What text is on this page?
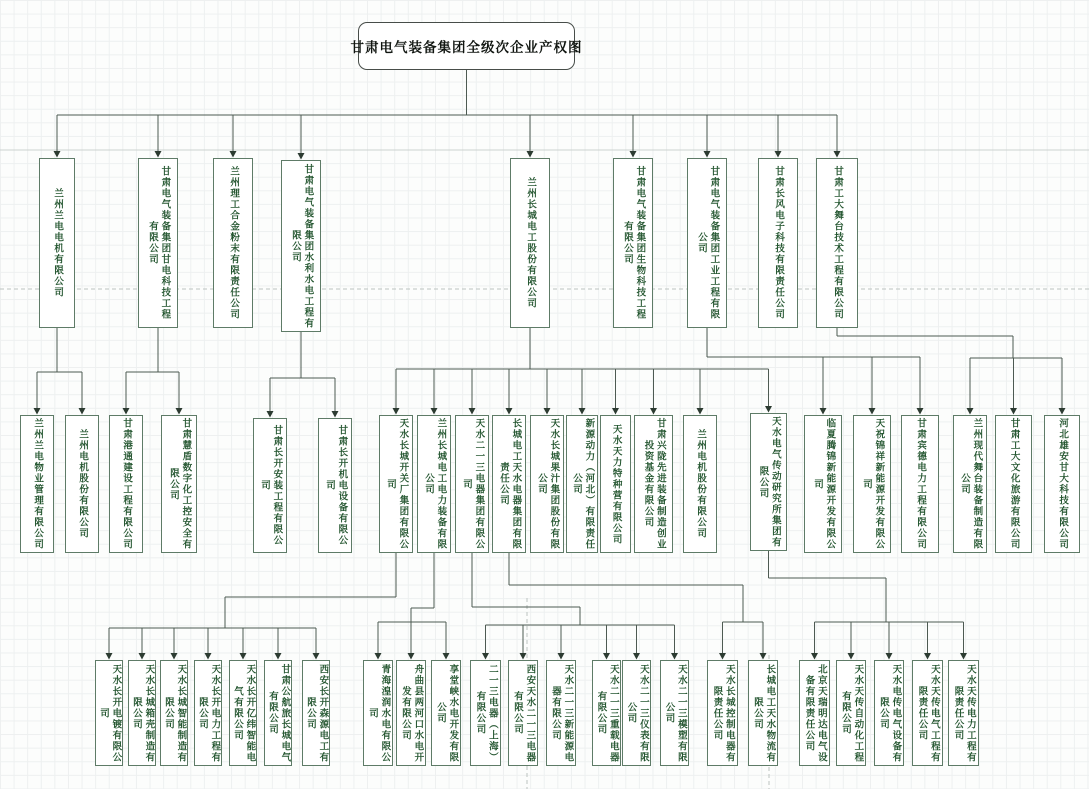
甘肃电气装备集团全级次企业产权图
兰州兰电电机有限公司	甘肃电气装备集团甘电科技工程有限公司	兰州理工合金粉末有限责任公司	甘肃电气装备集团水利水电工程有限公司	兰州长城电工股份有限公司	甘肃电气装备集团生物科技工程有限公司	甘肃电气装备集团工业工程有限公司	甘肃长风电子科技有限责任公司	甘肃工大舞台技术工程有限公司
兰州兰电物业管理有限公司	兰州电机股份有限公司	甘肃港通建设工程有限公司	甘肃慧盾数字化工控安全有限公司	甘肃长开安装工程有限公司	甘肃长开机电设备有限公司	天水长城开关厂集团有限公司	兰州长城电工电力装备有限公司	天水二一三电器集团有限公司	长城电工天水电器集团有限责任公司	天水长城果汁集团股份有限公司	新源动力（河北）有限责任公司	天水天力特种营有限公司	甘肃兴陇先进装备制造创业投资基金有限公司	兰州电机股份有限公司	天水电气传动研究所集团有限公司	临夏腾锦新能源开发有限公司	天祝锦祥新能源开发有限公司	甘肃宾德电力工程有限公司	兰州现代舞台装备制造有限公司	甘肃工大文化旅游有限公司	河北雄安甘大科技有限公司
天水长开电镀有限公司	天水长城箱壳制造有限公司	天水长城智能制造有限公司	天水长开电力工程有限公司	天水长开亿纬智能电气有限公司	甘肃公航旅长城电气有限公司	西安长开森源电工有限公司	青海湟润水电有限公司	舟曲县两河口水电开发有限公司	享堂峡水电开发有限公司	二一三电器（上海）有限公司	西安天水二一三电器有限公司	天水二一三新能源电器有限公司	天水二一三重载电器有限公司	天水二一三仪表有限公司	天水二一三模塑有限公司	天水长城控制电器有限责任公司	长城电工天水物流有限公司	北京天瑞明达电气设备有限责任公司	天水天传自动化工程有限公司	天水电传电气设备有限公司	天水天传电气工程有限责任公司	天水天传电力工程有限责任公司
